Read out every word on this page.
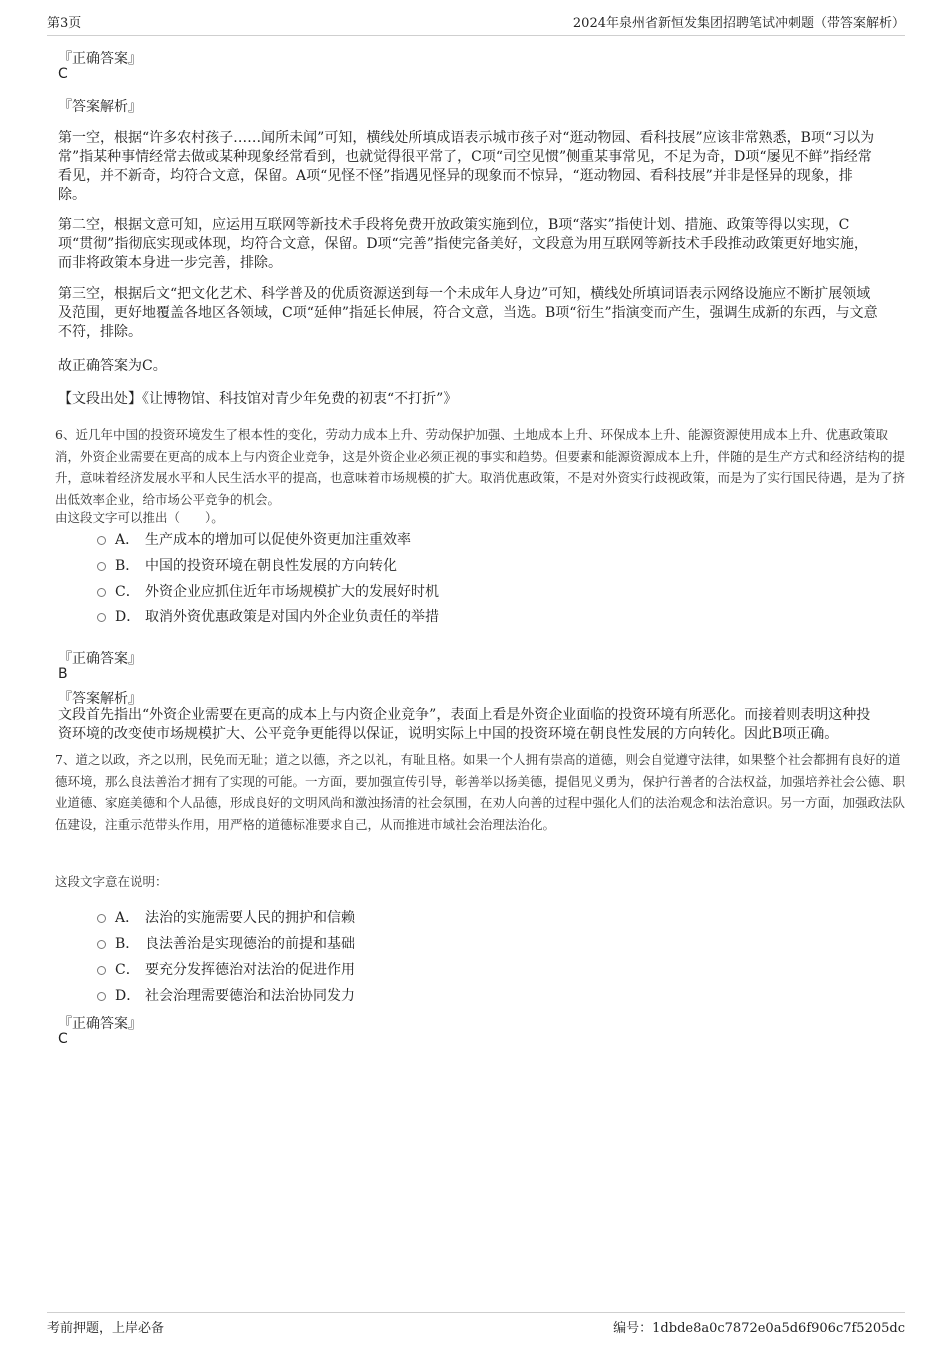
第3页	2024年泉州省新恒发集团招聘笔试冲刺题（带答案解析）
『正确答案』
C
『答案解析』

第一空，根据“许多农村孩子……闻所未闻”可知，横线处所填成语表示城市孩子对“逛动物园、看科技展”应该非常熟悉，B项“习以为常”指某种事情经常去做或某种现象经常看到，也就觉得很平常了，C项“司空见惯”侧重某事常见，不足为奇，D项“屡见不鲜”指经常看见，并不新奇，均符合文意，保留。A项“见怪不怪”指遇见怪异的现象而不惊异，“逛动物园、看科技展”并非是怪异的现象，排除。

第二空，根据文意可知，应运用互联网等新技术手段将免费开放政策实施到位，B项“落实”指使计划、措施、政策等得以实现，C项“贯彻”指彻底实现或体现，均符合文意，保留。D项“完善”指使完备美好，文段意为用互联网等新技术手段推动政策更好地实施，而非将政策本身进一步完善，排除。

第三空，根据后文“把文化艺术、科学普及的优质资源送到每一个未成年人身边”可知，横线处所填词语表示网络设施应不断扩展领域及范围，更好地覆盖各地区各领域，C项“延伸”指延长伸展，符合文意，当选。B项“衍生”指演变而产生，强调生成新的东西，与文意不符，排除。

故正确答案为C。

【文段出处】《让博物馆、科技馆对青少年免费的初衷“不打折”》

6、近几年中国的投资环境发生了根本性的变化，劳动力成本上升、劳动保护加强、土地成本上升、环保成本上升、能源资源使用成本上升、优惠政策取消，外资企业需要在更高的成本上与内资企业竞争，这是外资企业必须正视的事实和趋势。但要素和能源资源成本上升，伴随的是生产方式和经济结构的提升，意味着经济发展水平和人民生活水平的提高，也意味着市场规模的扩大。取消优惠政策，不是对外资实行歧视政策，而是为了实行国民待遇，是为了挤出低效率企业，给市场公平竞争的机会。

由这段文字可以推出（　　）。

A． 生产成本的增加可以促使外资更加注重效率
B． 中国的投资环境在朝良性发展的方向转化
C． 外资企业应抓住近年市场规模扩大的发展好时机
D． 取消外资优惠政策是对国内外企业负责任的举措
『正确答案』
B
『答案解析』

文段首先指出“外资企业需要在更高的成本上与内资企业竞争”，表面上看是外资企业面临的投资环境有所恶化。而接着则表明这种投资环境的改变使市场规模扩大、公平竞争更能得以保证，说明实际上中国的投资环境在朝良性发展的方向转化。因此B项正确。

7、道之以政，齐之以刑，民免而无耻；道之以德，齐之以礼，有耻且格。如果一个人拥有崇高的道德，则会自觉遵守法律，如果整个社会都拥有良好的道德环境，那么良法善治才拥有了实现的可能。一方面，要加强宣传引导，彰善举以扬美德，提倡见义勇为，保护行善者的合法权益，加强培养社会公德、职业道德、家庭美德和个人品德，形成良好的文明风尚和激浊扬清的社会氛围，在劝人向善的过程中强化人们的法治观念和法治意识。另一方面，加强政法队伍建设，注重示范带头作用，用严格的道德标准要求自己，从而推进市域社会治理法治化。

这段文字意在说明：

A． 法治的实施需要人民的拥护和信赖
B． 良法善治是实现德治的前提和基础
C． 要充分发挥德治对法治的促进作用
D． 社会治理需要德治和法治协同发力
『正确答案』
C
考前押题，上岸必备	编号：1dbde8a0c7872e0a5d6f906c7f5205dc
